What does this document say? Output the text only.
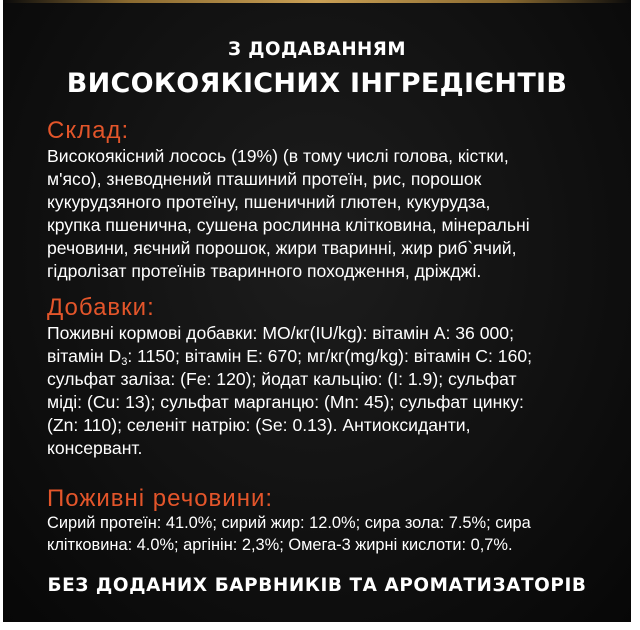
З ДОДАВАННЯМ
ВИСОКОЯКІСНИХ ІНГРЕДІЄНТІВ
Склад:
Високоякісний лосось (19%) (в тому числі голова, кістки,
м'ясо), зневоднений пташиний протеїн, рис, порошок
кукурудзяного протеїну, пшеничний глютен, кукурудза,
крупка пшенична, сушена рослинна клітковина, мінеральні
речовини, яєчний порошок, жири тваринні, жир риб`ячий,
гідролізат протеїнів тваринного походження, дріжджі.
Добавки:
Поживні кормові добавки: МО/кг(IU/kg): вітамін А: 36 000;
вітамін $D_3$: 1150; вітамін Е: 670; мг/кг(mg/kg): вітамін С: 160;
сульфат заліза: (Fe: 120); йодат кальцію: (I: 1.9); сульфат
міді: (Cu: 13); сульфат марганцю: (Mn: 45); сульфат цинку:
(Zn: 110); селеніт натрію: (Se: 0.13). Антиоксиданти,
консервант.
Поживні речовини:
Сирий протеїн: 41.0%; сирий жир: 12.0%; сира зола: 7.5%; сира
клітковина: 4.0%; аргінін: 2,3%; Омега-3 жирні кислоти: 0,7%.
БЕЗ ДОДАНИХ БАРВНИКІВ ТА АРОМАТИЗАТОРІВ
